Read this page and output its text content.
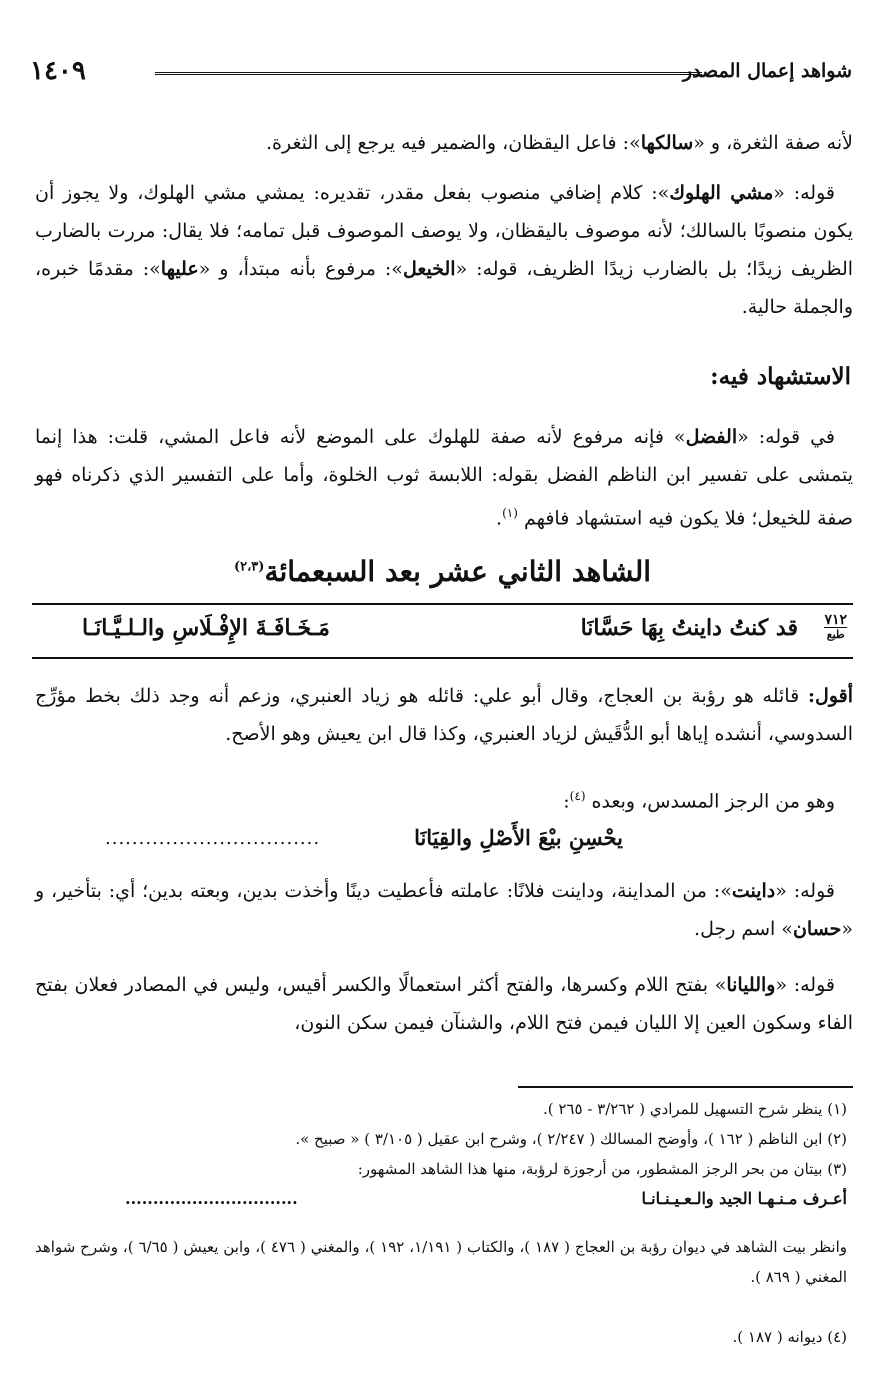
شواهد إعمال المصدر
١٤٠٩
لأنه صفة الثغرة، و «سالكها»: فاعل اليقظان، والضمير فيه يرجع إلى الثغرة.
قوله: «مشي الهلوك»: كلام إضافي منصوب بفعل مقدر، تقديره: يمشي مشي الهلوك، ولا يجوز أن يكون منصوبًا بالسالك؛ لأنه موصوف باليقظان، ولا يوصف الموصوف قبل تمامه؛ فلا يقال: مررت بالضارب الظريف زيدًا؛ بل بالضارب زيدًا الظريف، قوله: «الخيعل»: مرفوع بأنه مبتدأ، و «عليها»: مقدمًا خبره، والجملة حالية.
الاستشهاد فيه:
في قوله: «الفضل» فإنه مرفوع لأنه صفة للهلوك على الموضع لأنه فاعل المشي، قلت: هذا إنما يتمشى على تفسير ابن الناظم الفضل بقوله: اللابسة ثوب الخلوة، وأما على التفسير الذي ذكرناه فهو صفة للخيعل؛ فلا يكون فيه استشهاد فافهم $^{(١)}$.
الشاهد الثاني عشر بعد السبعمائة$^{(٢،٣)}$
٧١٢
طبع
قد كنتُ داينتُ بِهَا حَسَّانَا
مَـخَـافَـةَ الإِفْـلَاسِ والـلـيَّـانَـا
أقول: قائله هو رؤبة بن العجاج، وقال أبو علي: قائله هو زياد العنبري، وزعم أنه وجد ذلك بخط مؤرِّج السدوسي، أنشده إياها أبو الدُّقَيش لزياد العنبري، وكذا قال ابن يعيش وهو الأصح.
وهو من الرجز المسدس، وبعده $^{(٤)}$:
يحْسِنِ بيْعَ الأَصْلِ والقِيَانَا
................................
قوله: «داينت»: من المداينة، وداينت فلانًا: عاملته فأعطيت دينًا وأخذت بدين، وبعته بدين؛ أي: بتأخير، و «حسان» اسم رجل.
قوله: «والليانا» بفتح اللام وكسرها، والفتح أكثر استعمالًا والكسر أقيس، وليس في المصادر فعلان بفتح الفاء وسكون العين إلا الليان فيمن فتح اللام، والشنآن فيمن سكن النون،
(١) ينظر شرح التسهيل للمرادي ( ٣/٢٦٢ - ٢٦٥ ).
(٢) ابن الناظم ( ١٦٢ )، وأوضح المسالك ( ٢/٢٤٧ )، وشرح ابن عقيل ( ٣/١٠٥ ) « صبيح ».
(٣) بيتان من بحر الرجز المشطور، من أرجوزة لرؤبة، منها هذا الشاهد المشهور:
أعـرف مـنـهـا الجيد والـعـيـنـانـا
...............................
وانظر بيت الشاهد في ديوان رؤبة بن العجاج ( ١٨٧ )، والكتاب ( ١/١٩١، ١٩٢ )، والمغني ( ٤٧٦ )، وابن يعيش ( ٦/٦٥ )، وشرح شواهد المغني ( ٨٦٩ ).
(٤) ديوانه ( ١٨٧ ).
